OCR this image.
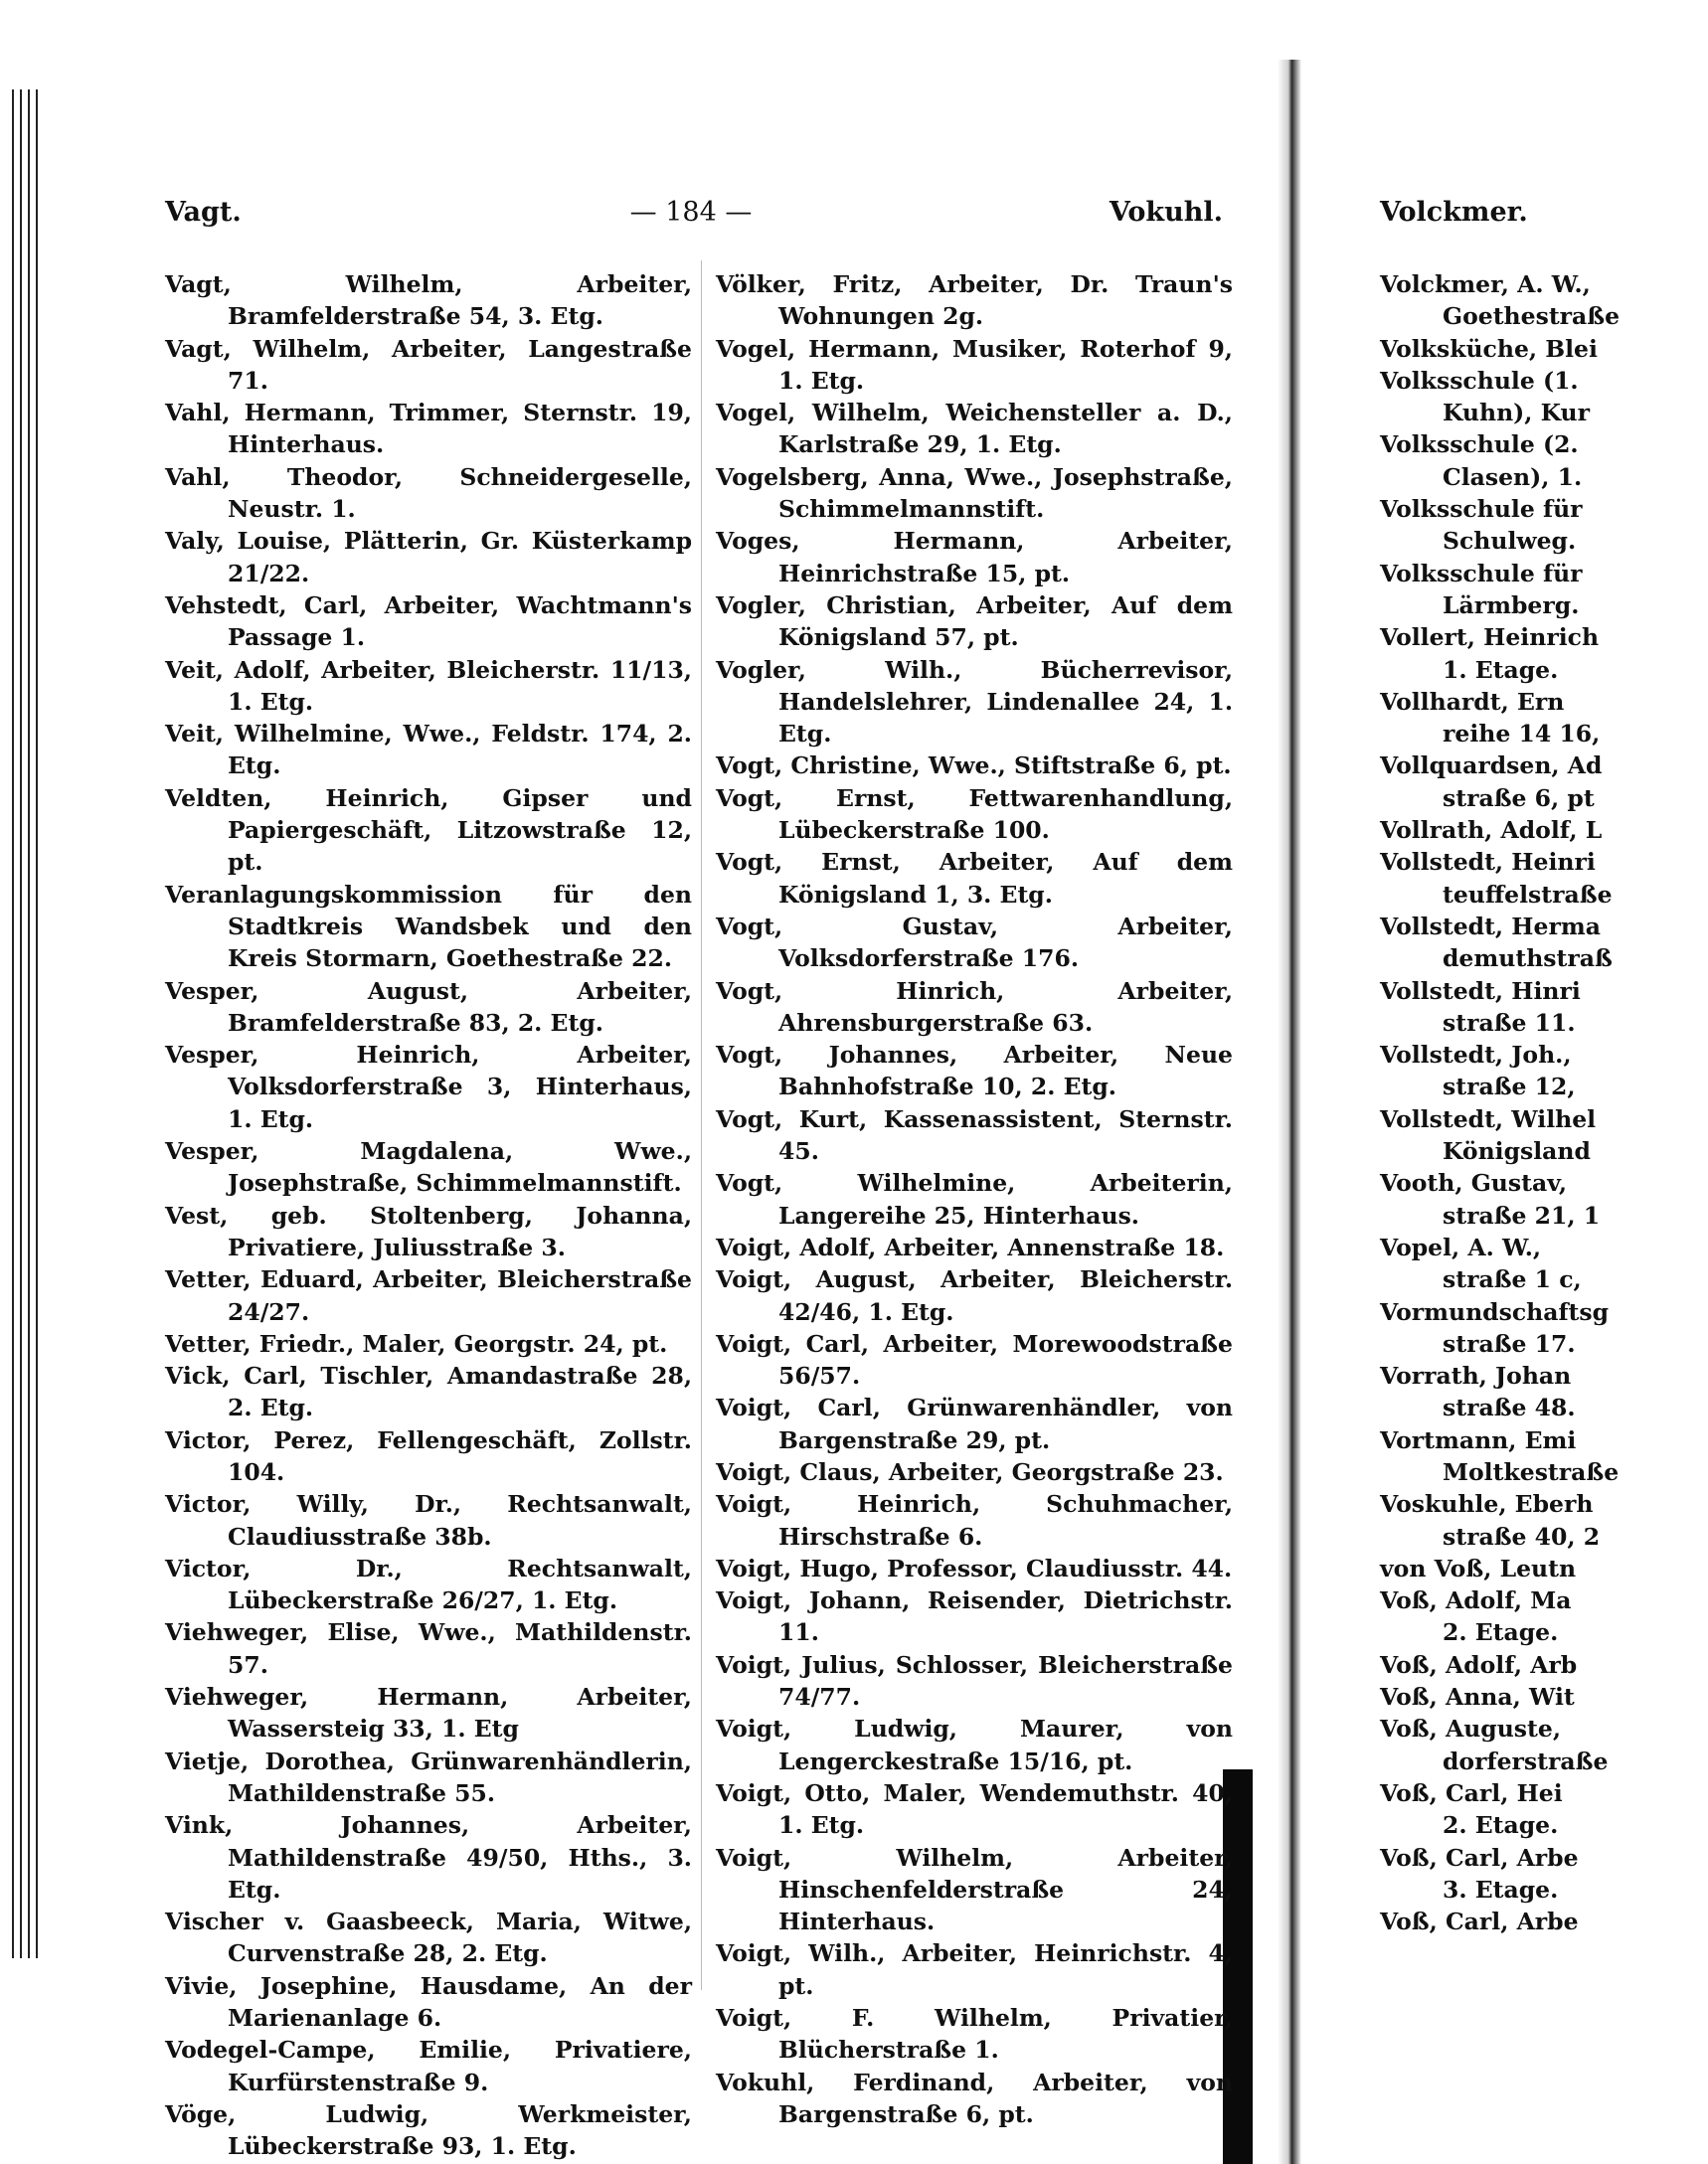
Vagt.	— 184 —	Vokuhl.

Vagt, Wilhelm, Arbeiter, Bramfelderstraße 54, 3. Etg.

Vagt, Wilhelm, Arbeiter, Langestraße 71.

Vahl, Hermann, Trimmer, Sternstr. 19, Hinterhaus.

Vahl, Theodor, Schneidergeselle, Neustr. 1.

Valy, Louise, Plätterin, Gr. Küsterkamp 21/22.

Vehstedt, Carl, Arbeiter, Wachtmann's Passage 1.

Veit, Adolf, Arbeiter, Bleicherstr. 11/13, 1. Etg.

Veit, Wilhelmine, Wwe., Feldstr. 174, 2. Etg.

Veldten, Heinrich, Gipser und Papiergeschäft, Litzowstraße 12, pt.

Veranlagungskommission für den Stadtkreis Wandsbek und den Kreis Stormarn, Goethestraße 22.

Vesper, August, Arbeiter, Bramfelderstraße 83, 2. Etg.

Vesper, Heinrich, Arbeiter, Volksdorferstraße 3, Hinterhaus, 1. Etg.

Vesper, Magdalena, Wwe., Josephstraße, Schimmelmannstift.

Vest, geb. Stoltenberg, Johanna, Privatiere, Juliusstraße 3.

Vetter, Eduard, Arbeiter, Bleicherstraße 24/27.

Vetter, Friedr., Maler, Georgstr. 24, pt.

Vick, Carl, Tischler, Amandastraße 28, 2. Etg.

Victor, Perez, Fellengeschäft, Zollstr. 104.

Victor, Willy, Dr., Rechtsanwalt, Claudiusstraße 38b.

Victor, Dr., Rechtsanwalt, Lübeckerstraße 26/27, 1. Etg.

Viehweger, Elise, Wwe., Mathildenstr. 57.

Viehweger, Hermann, Arbeiter, Wassersteig 33, 1. Etg

Vietje, Dorothea, Grünwarenhändlerin, Mathildenstraße 55.

Vink, Johannes, Arbeiter, Mathildenstraße 49/50, Hths., 3. Etg.

Vischer v. Gaasbeeck, Maria, Witwe, Curvenstraße 28, 2. Etg.

Vivie, Josephine, Hausdame, An der Marienanlage 6.

Vodegel-Campe, Emilie, Privatiere, Kurfürstenstraße 9.

Vöge, Ludwig, Werkmeister, Lübeckerstraße 93, 1. Etg.

Völker, Fritz, Arbeiter, Dr. Traun's Wohnungen 2g.

Vogel, Hermann, Musiker, Roterhof 9, 1. Etg.

Vogel, Wilhelm, Weichensteller a. D., Karlstraße 29, 1. Etg.

Vogelsberg, Anna, Wwe., Josephstraße, Schimmelmannstift.

Voges, Hermann, Arbeiter, Heinrichstraße 15, pt.

Vogler, Christian, Arbeiter, Auf dem Königsland 57, pt.

Vogler, Wilh., Bücherrevisor, Handelslehrer, Lindenallee 24, 1. Etg.

Vogt, Christine, Wwe., Stiftstraße 6, pt.

Vogt, Ernst, Fettwarenhandlung, Lübeckerstraße 100.

Vogt, Ernst, Arbeiter, Auf dem Königsland 1, 3. Etg.

Vogt, Gustav, Arbeiter, Volksdorferstraße 176.

Vogt, Hinrich, Arbeiter, Ahrensburgerstraße 63.

Vogt, Johannes, Arbeiter, Neue Bahnhofstraße 10, 2. Etg.

Vogt, Kurt, Kassenassistent, Sternstr. 45.

Vogt, Wilhelmine, Arbeiterin, Langereihe 25, Hinterhaus.

Voigt, Adolf, Arbeiter, Annenstraße 18.

Voigt, August, Arbeiter, Bleicherstr. 42/46, 1. Etg.

Voigt, Carl, Arbeiter, Morewoodstraße 56/57.

Voigt, Carl, Grünwarenhändler, von Bargenstraße 29, pt.

Voigt, Claus, Arbeiter, Georgstraße 23.

Voigt, Heinrich, Schuhmacher, Hirschstraße 6.

Voigt, Hugo, Professor, Claudiusstr. 44.

Voigt, Johann, Reisender, Dietrichstr. 11.

Voigt, Julius, Schlosser, Bleicherstraße 74/77.

Voigt, Ludwig, Maurer, von Lengerckestraße 15/16, pt.

Voigt, Otto, Maler, Wendemuthstr. 40, 1. Etg.

Voigt, Wilhelm, Arbeiter, Hinschenfelderstraße 24, Hinterhaus.

Voigt, Wilh., Arbeiter, Heinrichstr. 4, pt.

Voigt, F. Wilhelm, Privatier, Blücherstraße 1.

Vokuhl, Ferdinand, Arbeiter, von Bargenstraße 6, pt.

Volckmer.

Volckmer, A. W.,

Goethestraße

Volksküche, Blei

Volksschule (1.

Kuhn), Kur

Volksschule (2.

Clasen), 1.

Volksschule für

Schulweg.

Volksschule für

Lärmberg.

Vollert, Heinrich

1. Etage.

Vollhardt, Ern

reihe 14 16,

Vollquardsen, Ad

straße 6, pt

Vollrath, Adolf, L

Vollstedt, Heinri

teuffelstraße

Vollstedt, Herma

demuthstraß

Vollstedt, Hinri

straße 11.

Vollstedt, Joh.,

straße 12,

Vollstedt, Wilhel

Königsland

Vooth, Gustav,

straße 21, 1

Vopel, A. W.,

straße 1 c,

Vormundschaftsg

straße 17.

Vorrath, Johan

straße 48.

Vortmann, Emi

Moltkestraße

Voskuhle, Eberh

straße 40, 2

von Voß, Leutn

Voß, Adolf, Ma

2. Etage.

Voß, Adolf, Arb

Voß, Anna, Wit

Voß, Auguste,

dorferstraße

Voß, Carl, Hei

2. Etage.

Voß, Carl, Arbe

3. Etage.

Voß, Carl, Arbe
